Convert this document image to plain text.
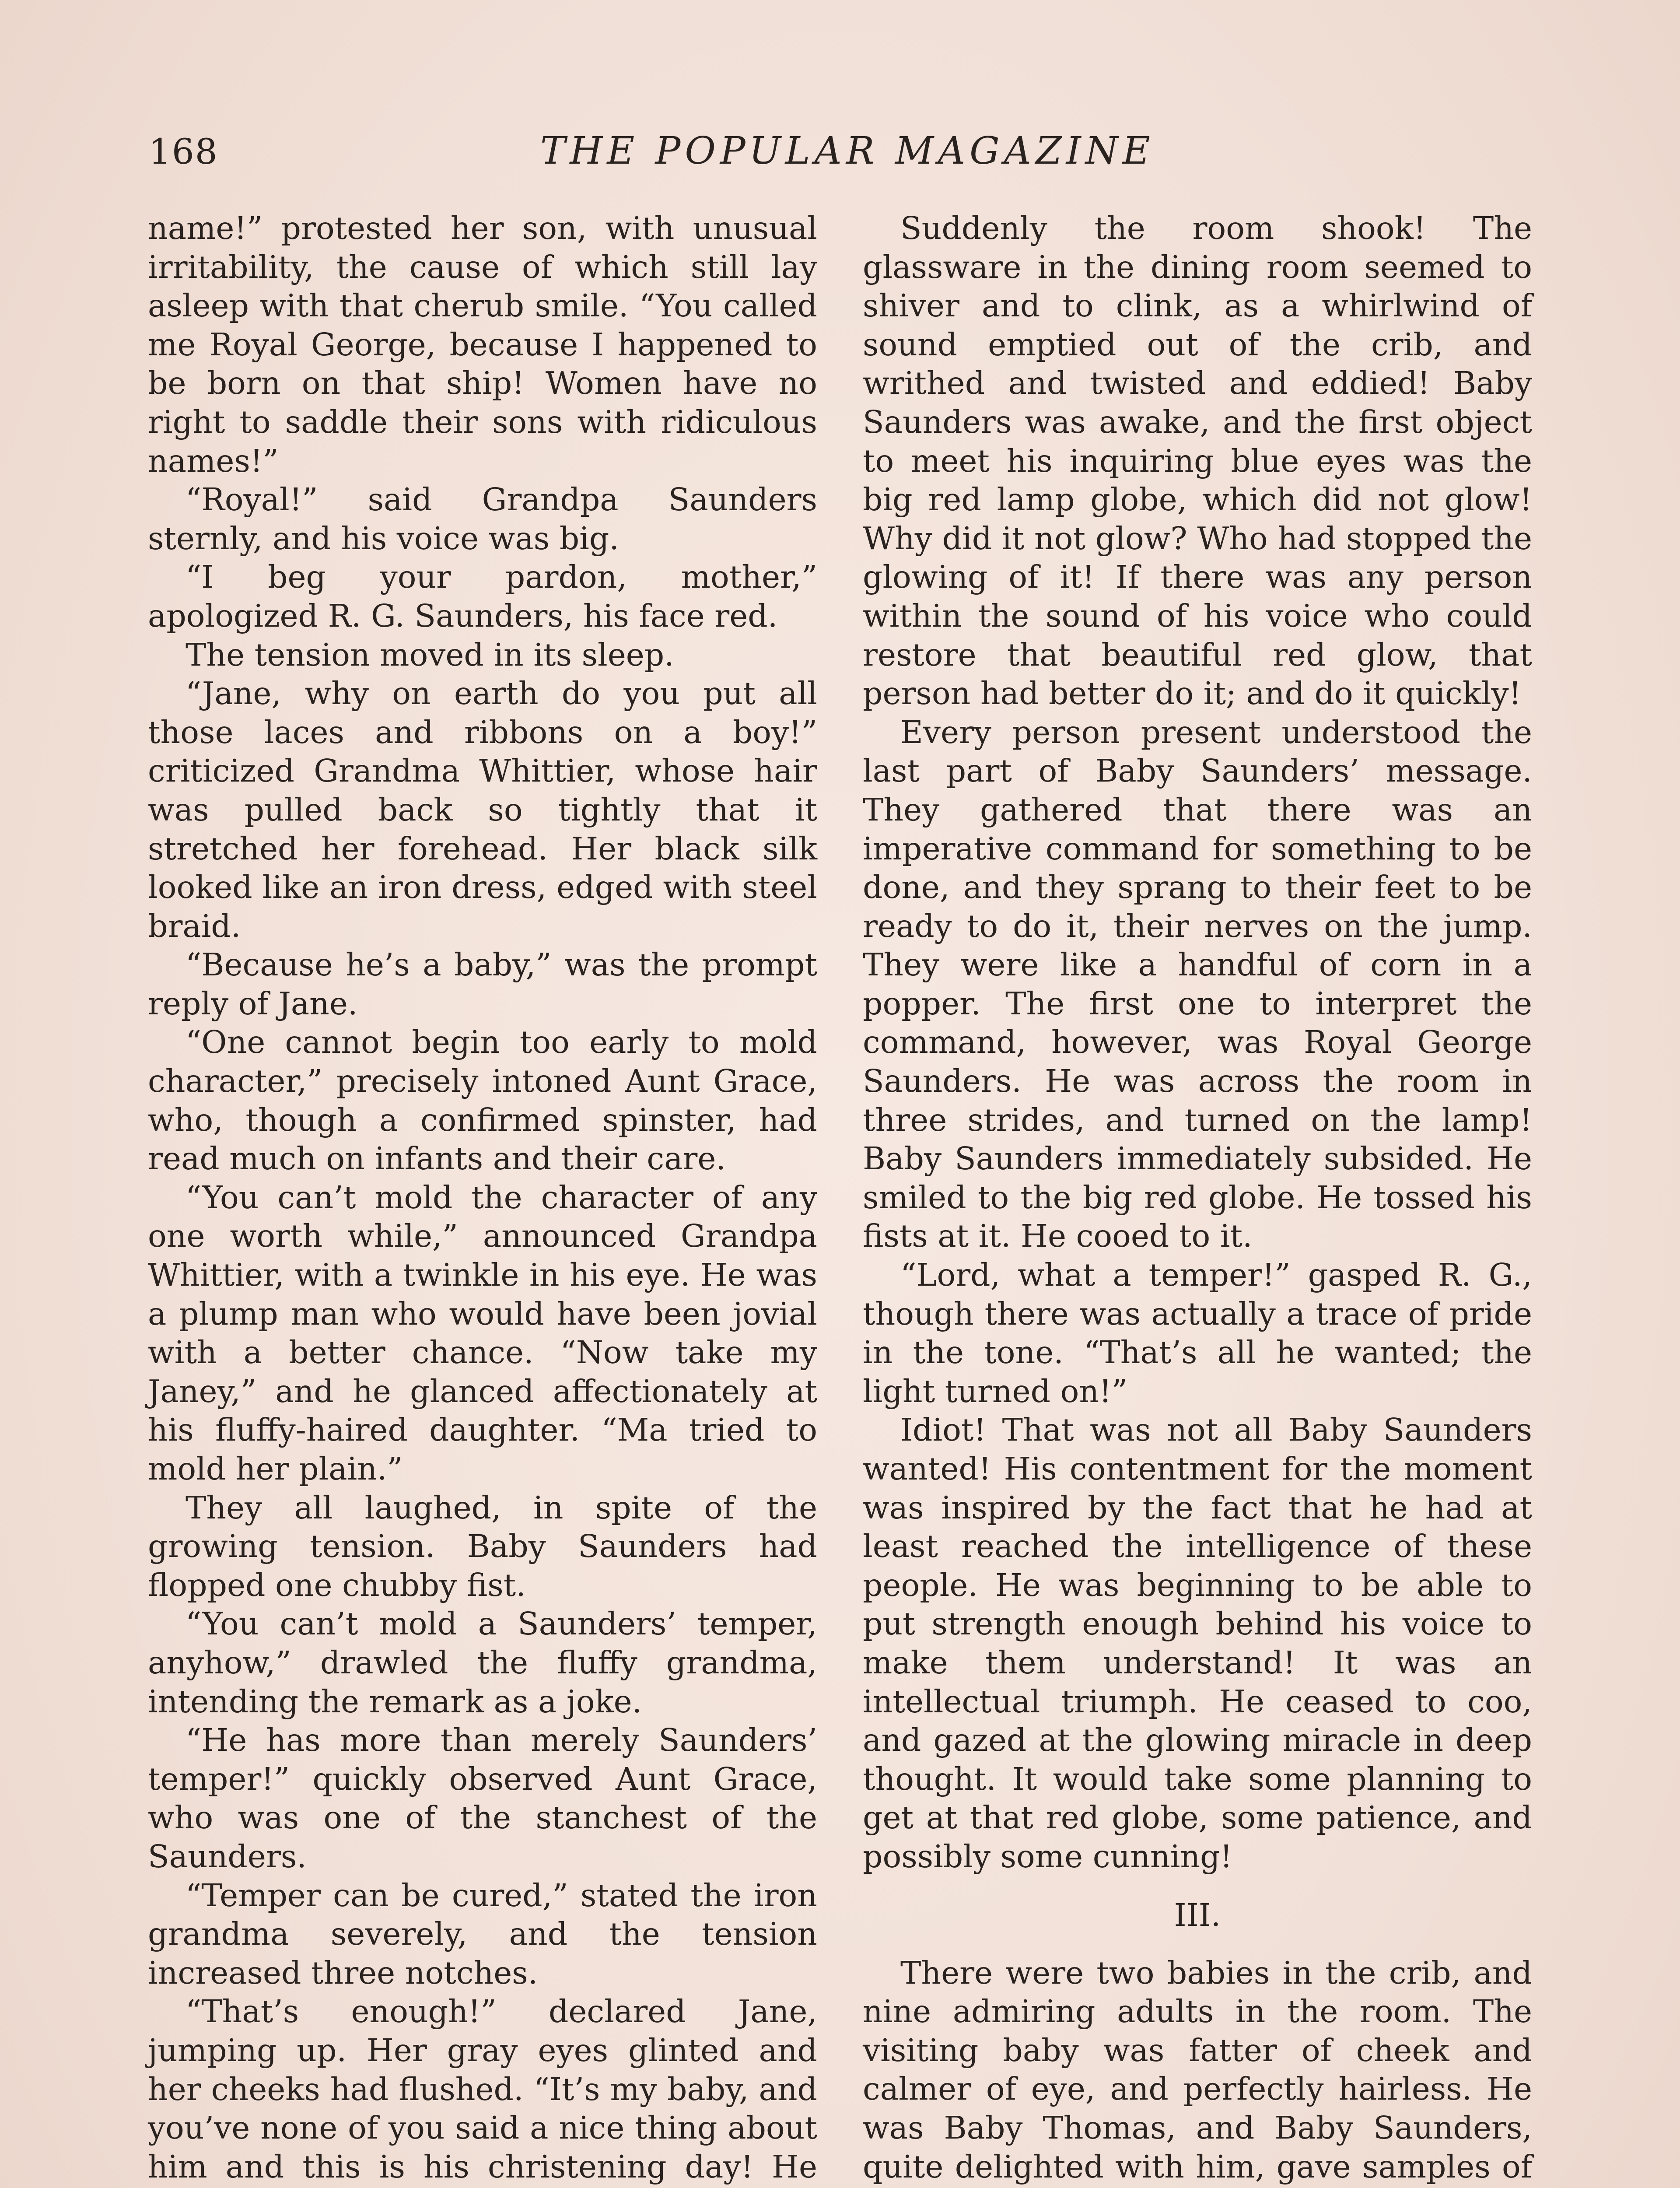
168	THE POPULAR MAGAZINE

name!” protested her son, with unusual irritability, the cause of which still lay asleep with that cherub smile. “You called me Royal George, because I happened to be born on that ship! Women have no right to saddle their sons with ridiculous names!”

“Royal!” said Grandpa Saunders sternly, and his voice was big.

“I beg your pardon, mother,” apologized R. G. Saunders, his face red.

The tension moved in its sleep.

“Jane, why on earth do you put all those laces and ribbons on a boy!” criticized Grandma Whittier, whose hair was pulled back so tightly that it stretched her forehead. Her black silk looked like an iron dress, edged with steel braid.

“Because he’s a baby,” was the prompt reply of Jane.

“One cannot begin too early to mold character,” precisely intoned Aunt Grace, who, though a confirmed spinster, had read much on infants and their care.

“You can’t mold the character of any one worth while,” announced Grandpa Whittier, with a twinkle in his eye. He was a plump man who would have been jovial with a better chance. “Now take my Janey,” and he glanced affectionately at his fluffy-haired daughter. “Ma tried to mold her plain.”

They all laughed, in spite of the growing tension. Baby Saunders had flopped one chubby fist.

“You can’t mold a Saunders’ temper, anyhow,” drawled the fluffy grandma, intending the remark as a joke.

“He has more than merely Saunders’ temper!” quickly observed Aunt Grace, who was one of the stanchest of the Saunders.

“Temper can be cured,” stated the iron grandma severely, and the tension increased three notches.

“That’s enough!” declared Jane, jumping up. Her gray eyes glinted and her cheeks had flushed. “It’s my baby, and you’ve none of you said a nice thing about him and this is his christening day! He

Suddenly the room shook! The glassware in the dining room seemed to shiver and to clink, as a whirlwind of sound emptied out of the crib, and writhed and twisted and eddied! Baby Saunders was awake, and the first object to meet his inquiring blue eyes was the big red lamp globe, which did not glow! Why did it not glow? Who had stopped the glowing of it! If there was any person within the sound of his voice who could restore that beautiful red glow, that person had better do it; and do it quickly!

Every person present understood the last part of Baby Saunders’ message. They gathered that there was an imperative command for something to be done, and they sprang to their feet to be ready to do it, their nerves on the jump. They were like a handful of corn in a popper. The first one to interpret the command, however, was Royal George Saunders. He was across the room in three strides, and turned on the lamp! Baby Saunders immediately subsided. He smiled to the big red globe. He tossed his fists at it. He cooed to it.

“Lord, what a temper!” gasped R. G., though there was actually a trace of pride in the tone. “That’s all he wanted; the light turned on!”

Idiot! That was not all Baby Saunders wanted! His contentment for the moment was inspired by the fact that he had at least reached the intelligence of these people. He was beginning to be able to put strength enough behind his voice to make them understand! It was an intellectual triumph. He ceased to coo, and gazed at the glowing miracle in deep thought. It would take some planning to get at that red globe, some patience, and possibly some cunning!

III.

There were two babies in the crib, and nine admiring adults in the room. The visiting baby was fatter of cheek and calmer of eye, and perfectly hairless. He was Baby Thomas, and Baby Saunders, quite delighted with him, gave samples of
